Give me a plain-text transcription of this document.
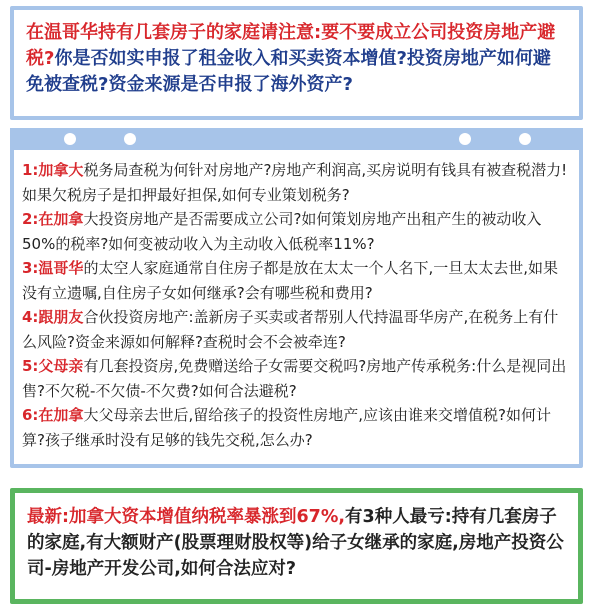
在温哥华持有几套房子的家庭请注意:要不要成立公司投资房地产避税?你是否如实申报了租金收入和买卖资本增值?投资房地产如何避免被查税?资金来源是否申报了海外资产?

1:加拿大税务局查税为何针对房地产?房地产利润高,买房说明有钱具有被查税潜力!如果欠税房子是扣押最好担保,如何专业策划税务?

2:在加拿大投资房地产是否需要成立公司?如何策划房地产出租产生的被动收入50%的税率?如何变被动收入为主动收入低税率11%?

3:温哥华的太空人家庭通常自住房子都是放在太太一个人名下,一旦太太去世,如果没有立遗嘱,自住房子女如何继承?会有哪些税和费用?

4:跟朋友合伙投资房地产:盖新房子买卖或者帮别人代持温哥华房产,在税务上有什么风险?资金来源如何解释?查税时会不会被牵连?

5:父母亲有几套投资房,免费赠送给子女需要交税吗?房地产传承税务:什么是视同出售?不欠税-不欠债-不欠费?如何合法避税?

6:在加拿大父母亲去世后,留给孩子的投资性房地产,应该由谁来交增值税?如何计算?孩子继承时没有足够的钱先交税,怎么办?

最新:加拿大资本增值纳税率暴涨到67%,有3种人最亏:持有几套房子的家庭,有大额财产(股票理财股权等)给子女继承的家庭,房地产投资公司-房地产开发公司,如何合法应对?
